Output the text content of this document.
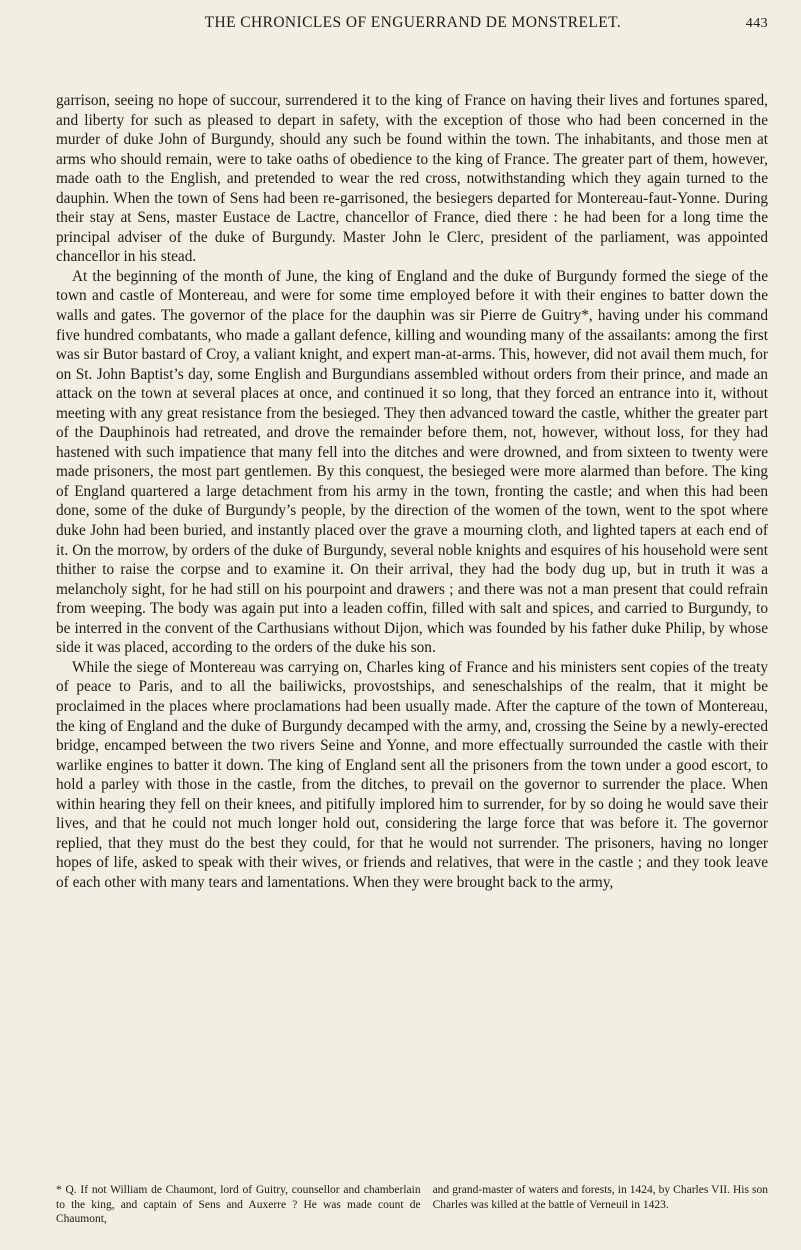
THE CHRONICLES OF ENGUERRAND DE MONSTRELET.	443

garrison, seeing no hope of succour, surrendered it to the king of France on having their lives and fortunes spared, and liberty for such as pleased to depart in safety, with the exception of those who had been concerned in the murder of duke John of Burgundy, should any such be found within the town. The inhabitants, and those men at arms who should remain, were to take oaths of obedience to the king of France. The greater part of them, however, made oath to the English, and pretended to wear the red cross, notwithstanding which they again turned to the dauphin. When the town of Sens had been re-garrisoned, the besiegers departed for Montereau-faut-Yonne. During their stay at Sens, master Eustace de Lactre, chancellor of France, died there : he had been for a long time the principal adviser of the duke of Burgundy. Master John le Clerc, president of the parliament, was appointed chancellor in his stead.

At the beginning of the month of June, the king of England and the duke of Burgundy formed the siege of the town and castle of Montereau, and were for some time employed before it with their engines to batter down the walls and gates. The governor of the place for the dauphin was sir Pierre de Guitry*, having under his command five hundred combatants, who made a gallant defence, killing and wounding many of the assailants: among the first was sir Butor bastard of Croy, a valiant knight, and expert man-at-arms. This, however, did not avail them much, for on St. John Baptist’s day, some English and Burgundians assembled without orders from their prince, and made an attack on the town at several places at once, and continued it so long, that they forced an entrance into it, without meeting with any great resistance from the besieged. They then advanced toward the castle, whither the greater part of the Dauphinois had retreated, and drove the remainder before them, not, however, without loss, for they had hastened with such impatience that many fell into the ditches and were drowned, and from sixteen to twenty were made prisoners, the most part gentlemen. By this conquest, the besieged were more alarmed than before. The king of England quartered a large detachment from his army in the town, fronting the castle; and when this had been done, some of the duke of Burgundy’s people, by the direction of the women of the town, went to the spot where duke John had been buried, and instantly placed over the grave a mourning cloth, and lighted tapers at each end of it. On the morrow, by orders of the duke of Burgundy, several noble knights and esquires of his household were sent thither to raise the corpse and to examine it. On their arrival, they had the body dug up, but in truth it was a melancholy sight, for he had still on his pourpoint and drawers ; and there was not a man present that could refrain from weeping. The body was again put into a leaden coffin, filled with salt and spices, and carried to Burgundy, to be interred in the convent of the Carthusians without Dijon, which was founded by his father duke Philip, by whose side it was placed, according to the orders of the duke his son.

While the siege of Montereau was carrying on, Charles king of France and his ministers sent copies of the treaty of peace to Paris, and to all the bailiwicks, provostships, and seneschalships of the realm, that it might be proclaimed in the places where proclamations had been usually made. After the capture of the town of Montereau, the king of England and the duke of Burgundy decamped with the army, and, crossing the Seine by a newly-erected bridge, encamped between the two rivers Seine and Yonne, and more effectually surrounded the castle with their warlike engines to batter it down. The king of England sent all the prisoners from the town under a good escort, to hold a parley with those in the castle, from the ditches, to prevail on the governor to surrender the place. When within hearing they fell on their knees, and pitifully implored him to surrender, for by so doing he would save their lives, and that he could not much longer hold out, considering the large force that was before it. The governor replied, that they must do the best they could, for that he would not surrender. The prisoners, having no longer hopes of life, asked to speak with their wives, or friends and relatives, that were in the castle ; and they took leave of each other with many tears and lamentations. When they were brought back to the army,

* Q. If not William de Chaumont, lord of Guitry, counsellor and chamberlain to the king, and captain of Sens and Auxerre ? He was made count de Chaumont,
and grand-master of waters and forests, in 1424, by Charles VII. His son Charles was killed at the battle of Verneuil in 1423.
